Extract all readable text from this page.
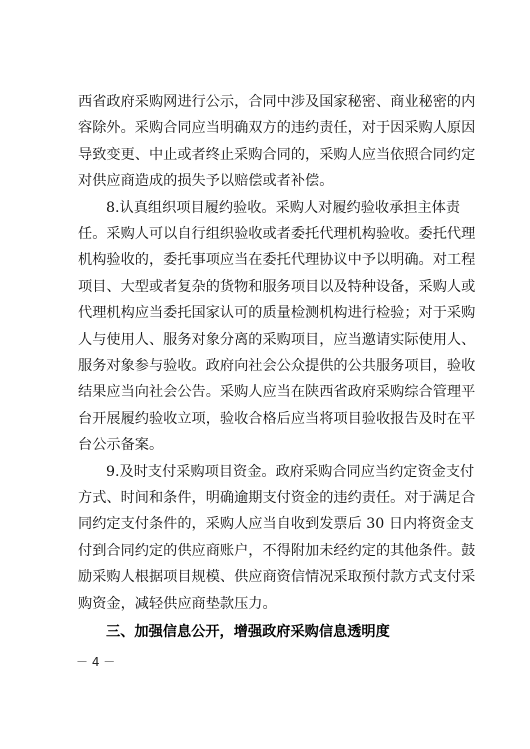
西省政府采购网进行公示，合同中涉及国家秘密、商业秘密的内
容除外。采购合同应当明确双方的违约责任，对于因采购人原因
导致变更、中止或者终止采购合同的，采购人应当依照合同约定
对供应商造成的损失予以赔偿或者补偿。
8.认真组织项目履约验收。采购人对履约验收承担主体责
任。采购人可以自行组织验收或者委托代理机构验收。委托代理
机构验收的，委托事项应当在委托代理协议中予以明确。对工程
项目、大型或者复杂的货物和服务项目以及特种设备，采购人或
代理机构应当委托国家认可的质量检测机构进行检验；对于采购
人与使用人、服务对象分离的采购项目，应当邀请实际使用人、
服务对象参与验收。政府向社会公众提供的公共服务项目，验收
结果应当向社会公告。采购人应当在陕西省政府采购综合管理平
台开展履约验收立项，验收合格后应当将项目验收报告及时在平
台公示备案。
9.及时支付采购项目资金。政府采购合同应当约定资金支付
方式、时间和条件，明确逾期支付资金的违约责任。对于满足合
同约定支付条件的，采购人应当自收到发票后 30 日内将资金支
付到合同约定的供应商账户，不得附加未经约定的其他条件。鼓
励采购人根据项目规模、供应商资信情况采取预付款方式支付采
购资金，减轻供应商垫款压力。
三、加强信息公开，增强政府采购信息透明度
－ 4 －
